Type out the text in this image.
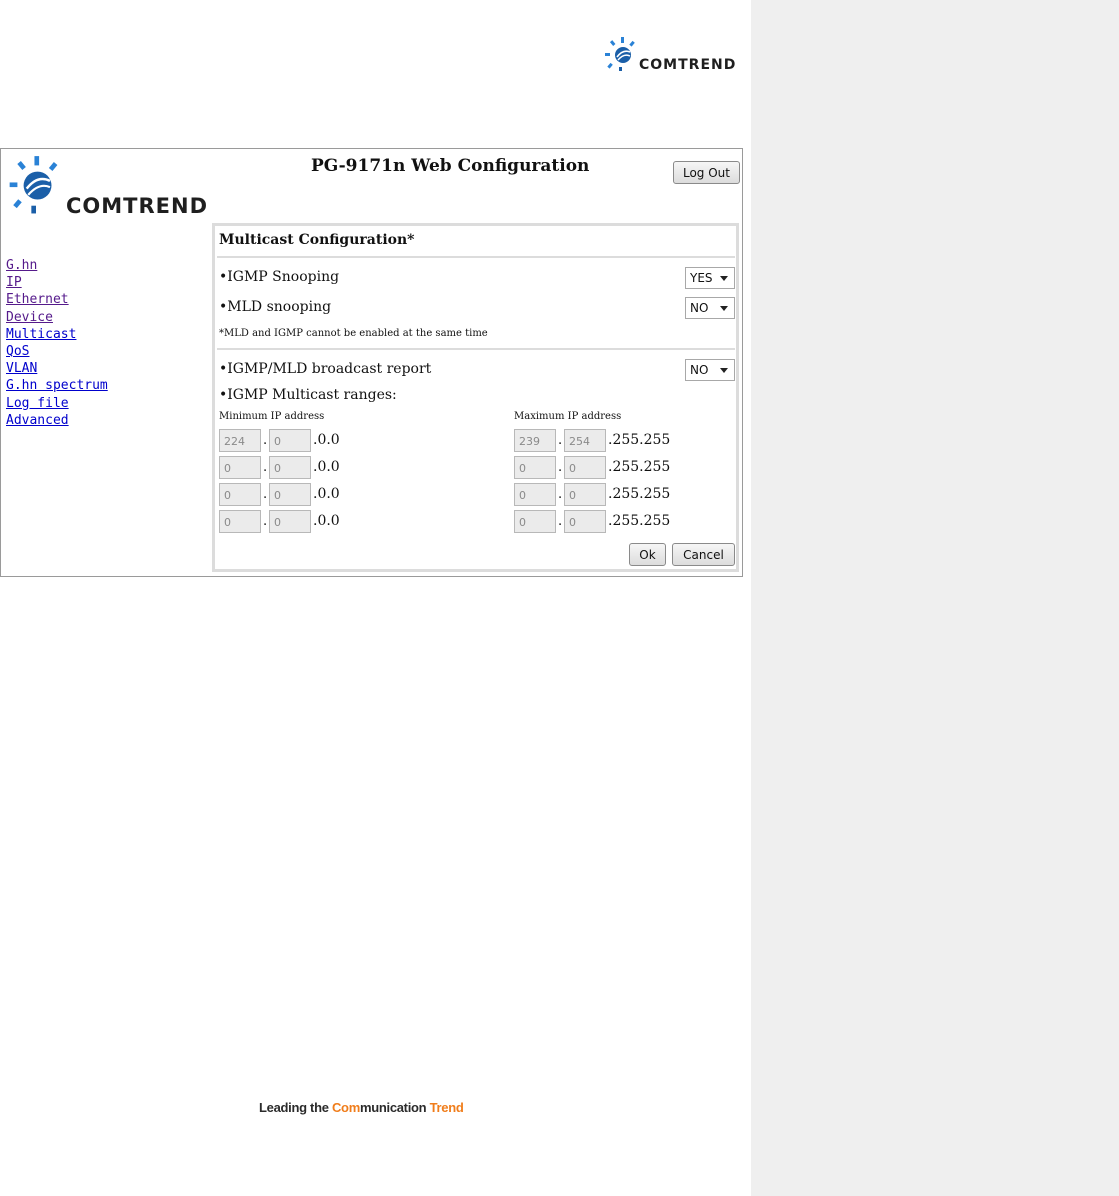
COMTREND
COMTREND
PG-9171n Web Configuration	Log Out
G.hn
IP
Ethernet
Device
Multicast
QoS
VLAN
G.hn spectrum
Log file
Advanced
Multicast Configuration*
•IGMP Snooping	YES
•MLD snooping	NO
*MLD and IGMP cannot be enabled at the same time
•IGMP/MLD broadcast report	NO
•IGMP Multicast ranges:
Minimum IP address	Maximum IP address
224	. 0	.0.0	239	. 254	.255.255
0	. 0	.0.0	0	. 0	.255.255
0	. 0	.0.0	0	. 0	.255.255
0	. 0	.0.0	0	. 0	.255.255
Ok	Cancel
Leading the Communication Trend
